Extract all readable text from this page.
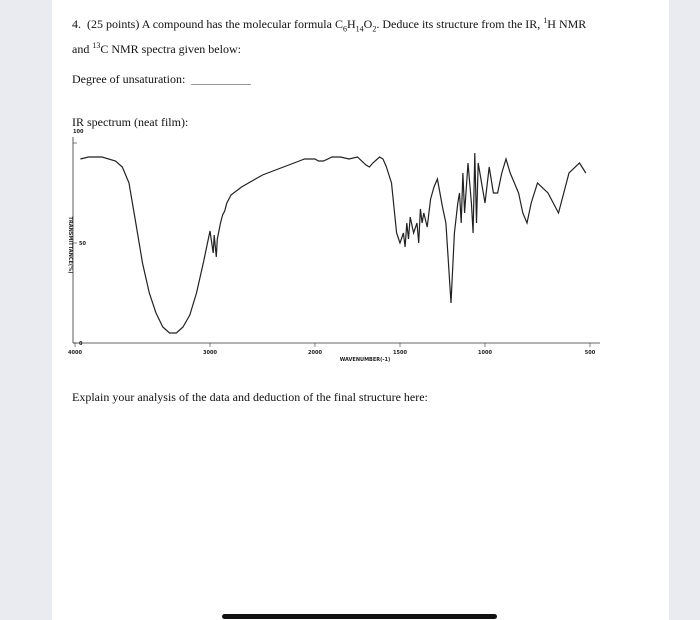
4. (25 points) A compound has the molecular formula $C_6H_{14}O_2$. Deduce its structure from the IR, $^1$H NMR and $^{13}$C NMR spectra given below:
Degree of unsaturation:
IR spectrum (neat film):
4000	3000	2000	1500	1000	500
100
50
0
WAVENUMBER(-1)
TRANSMITTANCE(%)
Explain your analysis of the data and deduction of the final structure here:
